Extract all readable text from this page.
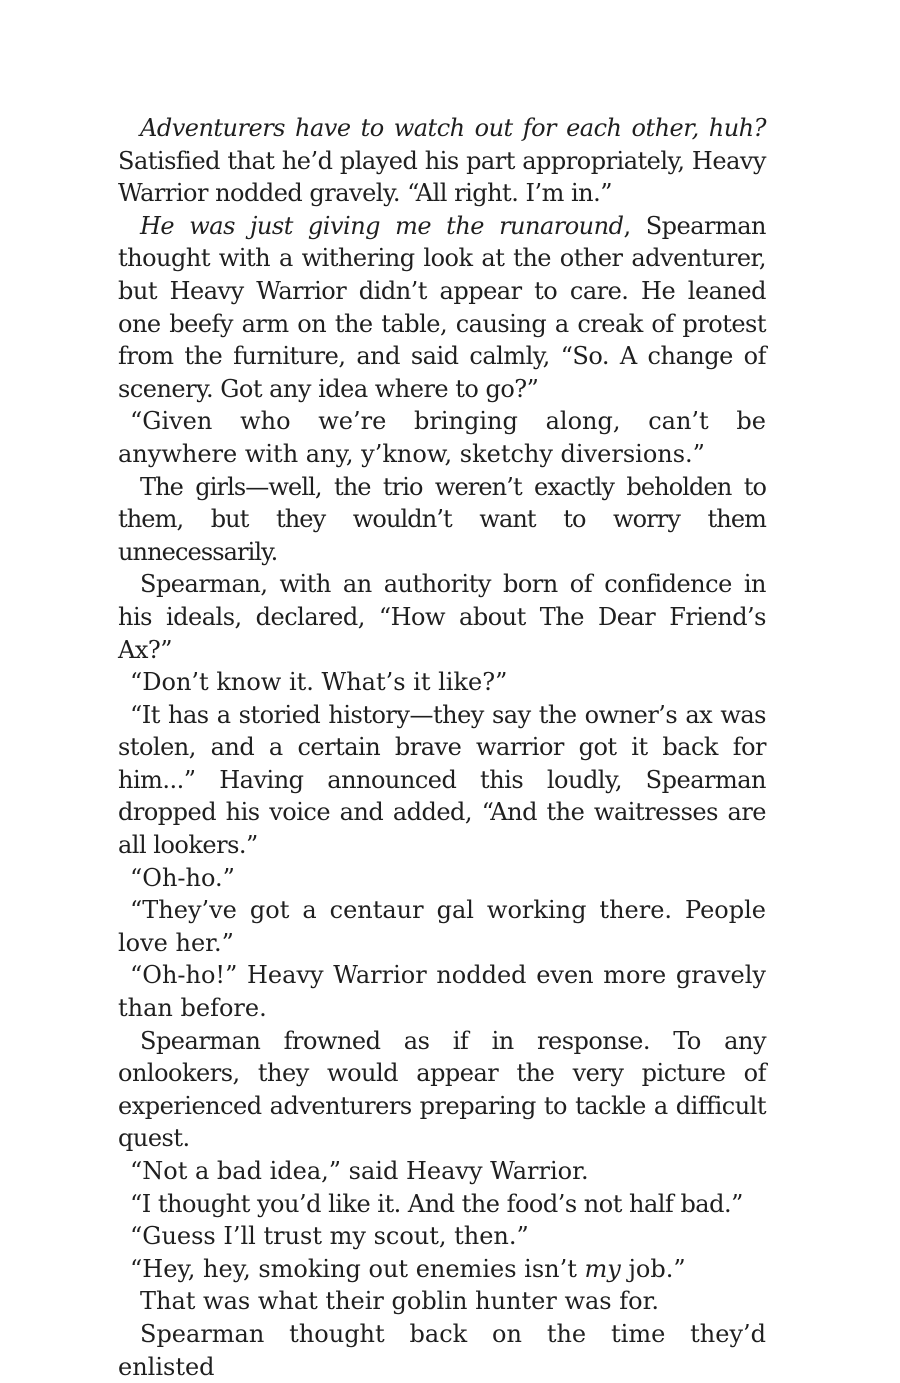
Adventurers have to watch out for each other, huh? Satisfied that he’d played his part appropriately, Heavy Warrior nodded gravely. “All right. I’m in.”

He was just giving me the runaround, Spearman thought with a withering look at the other adventurer, but Heavy Warrior didn’t appear to care. He leaned one beefy arm on the table, causing a creak of protest from the furniture, and said calmly, “So. A change of scenery. Got any idea where to go?”

“Given who we’re bringing along, can’t be anywhere with any, y’know, sketchy diversions.”

The girls—well, the trio weren’t exactly beholden to them, but they wouldn’t want to worry them unnecessarily.

Spearman, with an authority born of confidence in his ideals, declared, “How about The Dear Friend’s Ax?”

“Don’t know it. What’s it like?”

“It has a storied history—they say the owner’s ax was stolen, and a certain brave warrior got it back for him...” Having announced this loudly, Spearman dropped his voice and added, “And the waitresses are all lookers.”

“Oh-ho.”

“They’ve got a centaur gal working there. People love her.”

“Oh-ho!” Heavy Warrior nodded even more gravely than before.

Spearman frowned as if in response. To any onlookers, they would appear the very picture of experienced adventurers preparing to tackle a difficult quest.

“Not a bad idea,” said Heavy Warrior.

“I thought you’d like it. And the food’s not half bad.”

“Guess I’ll trust my scout, then.”

“Hey, hey, smoking out enemies isn’t my job.”

That was what their goblin hunter was for.

Spearman thought back on the time they’d enlisted
